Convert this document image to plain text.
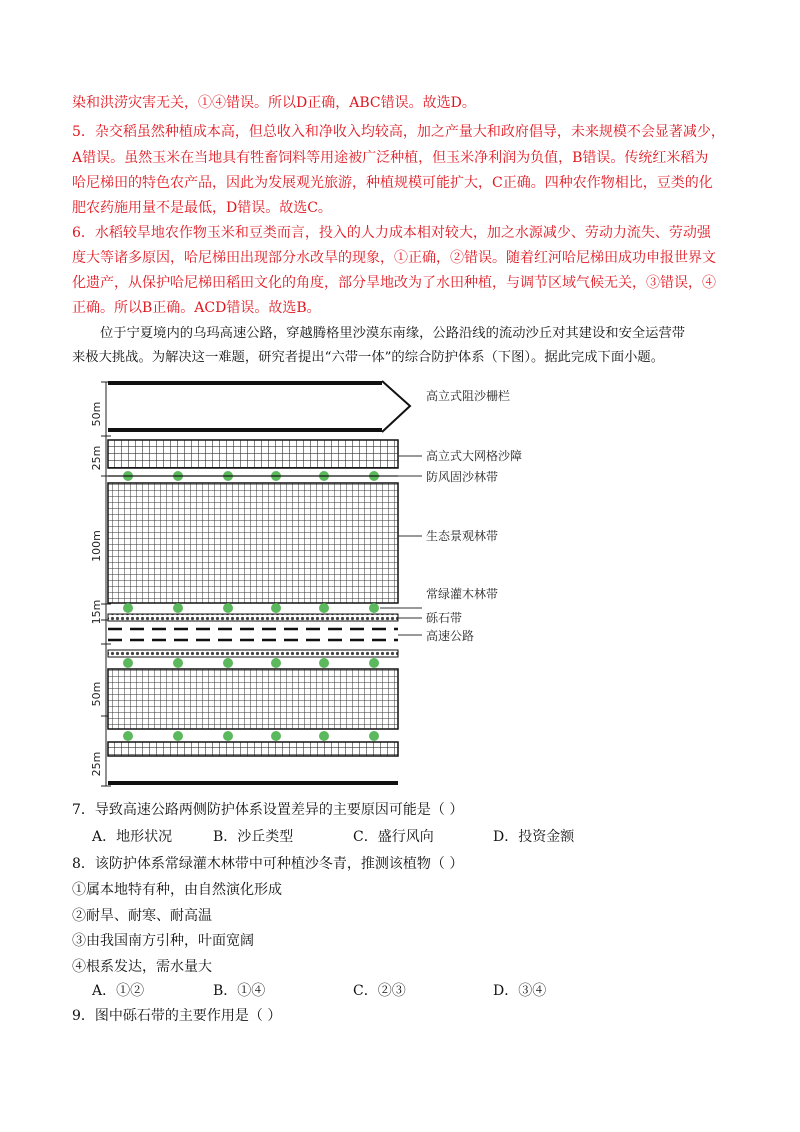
染和洪涝灾害无关，①④错误。所以D正确，ABC错误。故选D。
5．杂交稻虽然种植成本高，但总收入和净收入均较高，加之产量大和政府倡导，未来规模不会显著减少，
A错误。虽然玉米在当地具有牲畜饲料等用途被广泛种植，但玉米净利润为负值，B错误。传统红米稻为
哈尼梯田的特色农产品，因此为发展观光旅游，种植规模可能扩大，C正确。四种农作物相比，豆类的化
肥农药施用量不是最低，D错误。故选C。
6．水稻较旱地农作物玉米和豆类而言，投入的人力成本相对较大，加之水源减少、劳动力流失、劳动强
度大等诸多原因，哈尼梯田出现部分水改旱的现象，①正确，②错误。随着红河哈尼梯田成功申报世界文
化遗产，从保护哈尼梯田稻田文化的角度，部分旱地改为了水田种植，与调节区域气候无关，③错误，④
正确。所以B正确。ACD错误。故选B。
位于宁夏境内的乌玛高速公路，穿越腾格里沙漠东南缘，公路沿线的流动沙丘对其建设和安全运营带
来极大挑战。为解决这一难题，研究者提出“六带一体”的综合防护体系（下图）。据此完成下面小题。
50m
25m
100m
15m
50m
25m
高立式阻沙栅栏
高立式大网格沙障
防风固沙林带
生态景观林带
常绿灌木林带
砾石带
高速公路
7．导致高速公路两侧防护体系设置差异的主要原因可能是（ ）
A．地形状况	B．沙丘类型	C．盛行风向	D．投资金额
8．该防护体系常绿灌木林带中可种植沙冬青，推测该植物（ ）
①属本地特有种，由自然演化形成
②耐旱、耐寒、耐高温
③由我国南方引种，叶面宽阔
④根系发达，需水量大
A．①②	B．①④	C．②③	D．③④
9．图中砾石带的主要作用是（ ）
